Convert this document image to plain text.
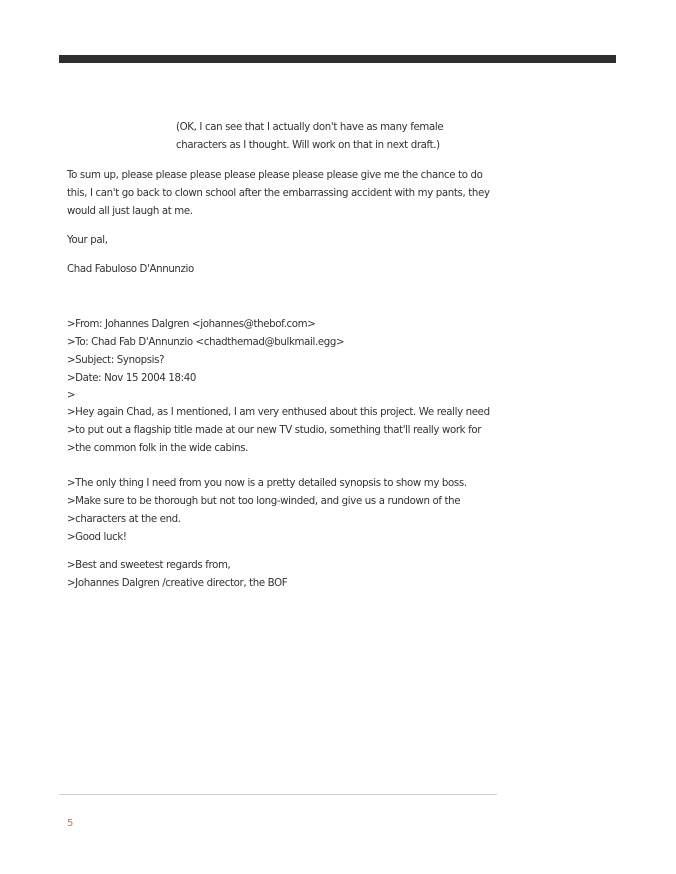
(OK, I can see that I actually don't have as many female
characters as I thought. Will work on that in next draft.)
To sum up, please please please please please please please give me the chance to do
this, I can't go back to clown school after the embarrassing accident with my pants, they
would all just laugh at me.
Your pal,
Chad Fabuloso D'Annunzio
>From: Johannes Dalgren <johannes@thebof.com>
>To: Chad Fab D'Annunzio <chadthemad@bulkmail.egg>
>Subject: Synopsis?
>Date: Nov 15 2004 18:40
>
>Hey again Chad, as I mentioned, I am very enthused about this project. We really need
>to put out a flagship title made at our new TV studio, something that'll really work for
>the common folk in the wide cabins.
>The only thing I need from you now is a pretty detailed synopsis to show my boss.
>Make sure to be thorough but not too long-winded, and give us a rundown of the
>characters at the end.
>Good luck!
>Best and sweetest regards from,
>Johannes Dalgren /creative director, the BOF
5
